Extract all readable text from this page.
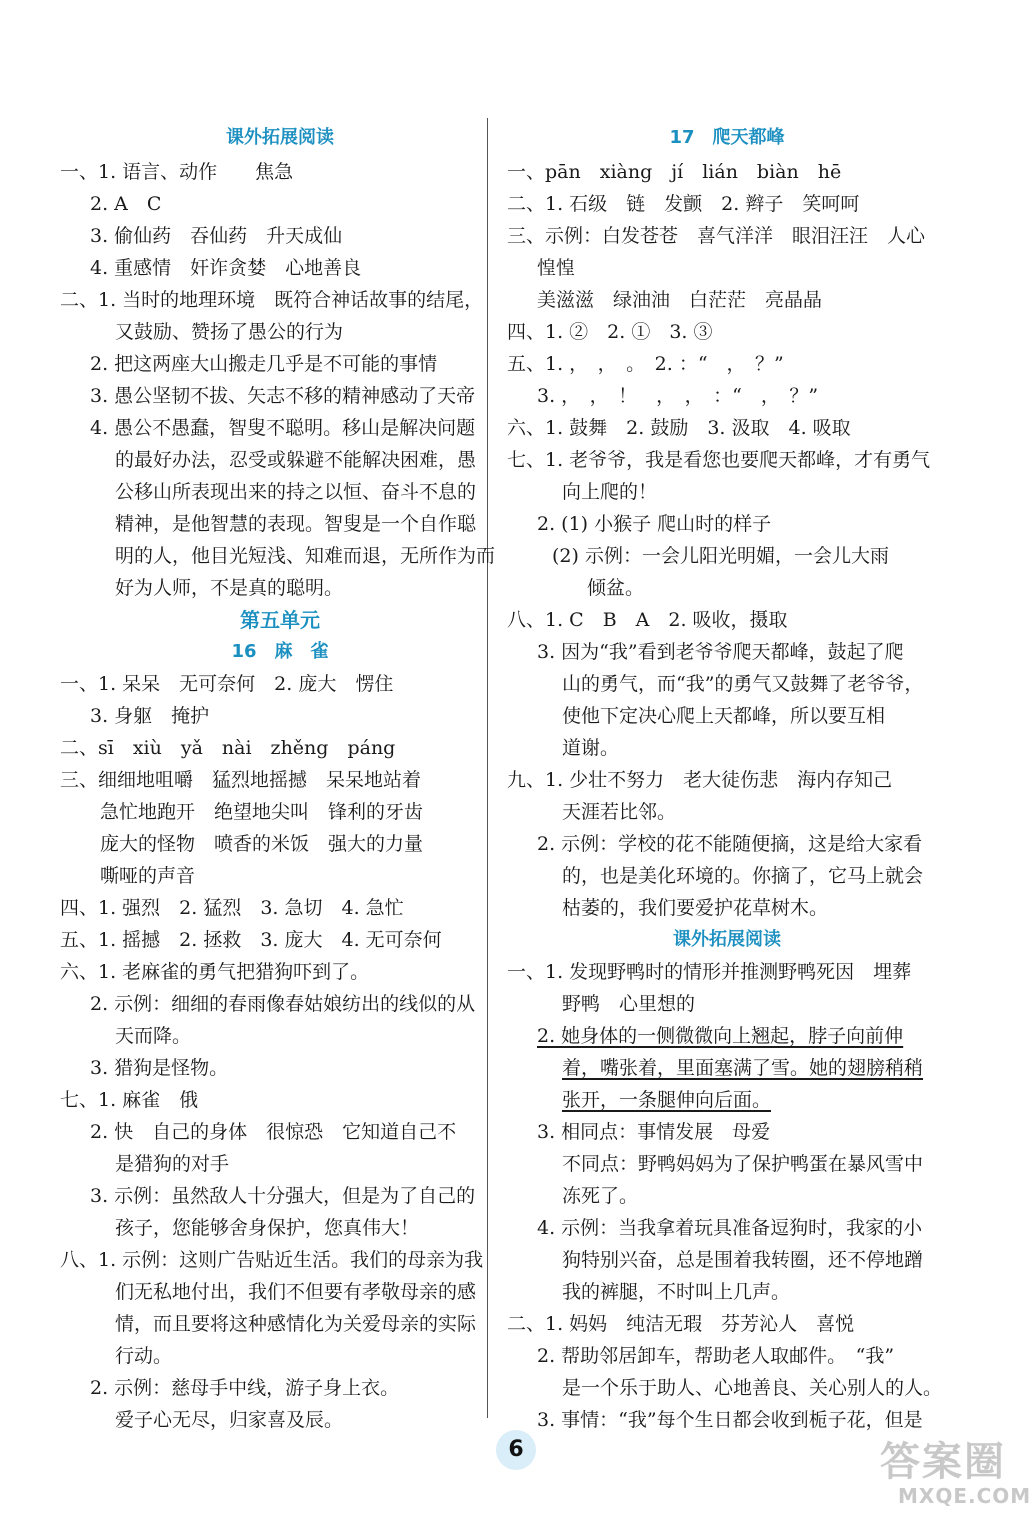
课外拓展阅读
一、1. 语言、动作　　焦急
2. A　C
3. 偷仙药　吞仙药　升天成仙
4. 重感情　奸诈贪婪　心地善良
二、1. 当时的地理环境　既符合神话故事的结尾，
又鼓励、赞扬了愚公的行为
2. 把这两座大山搬走几乎是不可能的事情
3. 愚公坚韧不拔、矢志不移的精神感动了天帝
4. 愚公不愚蠢，智叟不聪明。移山是解决问题
的最好办法，忍受或躲避不能解决困难，愚
公移山所表现出来的持之以恒、奋斗不息的
精神，是他智慧的表现。智叟是一个自作聪
明的人，他目光短浅、知难而退，无所作为而
好为人师，不是真的聪明。
第五单元
16　麻　雀
一、1. 呆呆　无可奈何　2. 庞大　愣住
3. 身躯　掩护
二、sī　xiù　yǎ　nài　zhěng　páng
三、细细地咀嚼　猛烈地摇撼　呆呆地站着
急忙地跑开　绝望地尖叫　锋利的牙齿
庞大的怪物　喷香的米饭　强大的力量
嘶哑的声音
四、1. 强烈　2. 猛烈　3. 急切　4. 急忙
五、1. 摇撼　2. 拯救　3. 庞大　4. 无可奈何
六、1. 老麻雀的勇气把猎狗吓到了。
2. 示例：细细的春雨像春姑娘纺出的线似的从
天而降。
3. 猎狗是怪物。
七、1. 麻雀　俄
2. 快　自己的身体　很惊恐　它知道自己不
是猎狗的对手
3. 示例：虽然敌人十分强大，但是为了自己的
孩子，您能够舍身保护，您真伟大！
八、1. 示例：这则广告贴近生活。我们的母亲为我
们无私地付出，我们不但要有孝敬母亲的感
情，而且要将这种感情化为关爱母亲的实际
行动。
2. 示例：慈母手中线，游子身上衣。
爱子心无尽，归家喜及辰。
17　爬天都峰
一、pān　xiàng　jí　lián　biàn　hē
二、1. 石级　链　发颤　2. 辫子　笑呵呵
三、示例：白发苍苍　喜气洋洋　眼泪汪汪　人心
惶惶
美滋滋　绿油油　白茫茫　亮晶晶
四、1. ②　2. ①　3. ③
五、1. ，　，　。　2. ：“　，　？”
3. ，　，　！　，　，　：“　，　？”
六、1. 鼓舞　2. 鼓励　3. 汲取　4. 吸取
七、1. 老爷爷，我是看您也要爬天都峰，才有勇气
向上爬的！
2. (1) 小猴子 爬山时的样子
(2) 示例：一会儿阳光明媚，一会儿大雨
倾盆。
八、1. C　B　A　2. 吸收，摄取
3. 因为“我”看到老爷爷爬天都峰，鼓起了爬
山的勇气，而“我”的勇气又鼓舞了老爷爷，
使他下定决心爬上天都峰，所以要互相
道谢。
九、1. 少壮不努力　老大徒伤悲　海内存知己
天涯若比邻。
2. 示例：学校的花不能随便摘，这是给大家看
的，也是美化环境的。你摘了，它马上就会
枯萎的，我们要爱护花草树木。
课外拓展阅读
一、1. 发现野鸭时的情形并推测野鸭死因　埋葬
野鸭　心里想的
2. 她身体的一侧微微向上翘起，脖子向前伸
着，嘴张着，里面塞满了雪。她的翅膀稍稍
张开，一条腿伸向后面。
3. 相同点：事情发展　母爱
不同点：野鸭妈妈为了保护鸭蛋在暴风雪中
冻死了。
4. 示例：当我拿着玩具准备逗狗时，我家的小
狗特别兴奋，总是围着我转圈，还不停地蹭
我的裤腿，不时叫上几声。
二、1. 妈妈　纯洁无瑕　芬芳沁人　喜悦
2. 帮助邻居卸车，帮助老人取邮件。　“我”
是一个乐于助人、心地善良、关心别人的人。
3. 事情：“我”每个生日都会收到栀子花，但是
6	答案圈
MXQE.COM
